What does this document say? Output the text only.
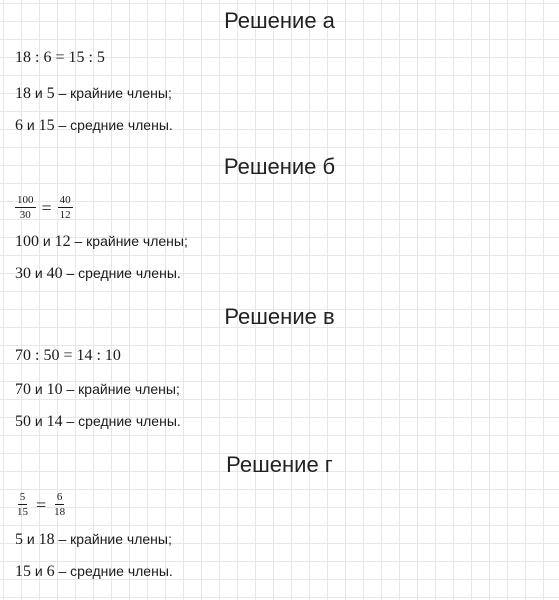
Решение а
18 : 6 = 15 : 5
18 и 5 – крайние члены;
6 и 15 – средние члены.
Решение б
$\frac{100}{30} = \frac{40}{12}$
100 и 12 – крайние члены;
30 и 40 – средние члены.
Решение в
70 : 50 = 14 : 10
70 и 10 – крайние члены;
50 и 14 – средние члены.
Решение г
$\frac{5}{15} = \frac{6}{18}$
5 и 18 – крайние члены;
15 и 6 – средние члены.
